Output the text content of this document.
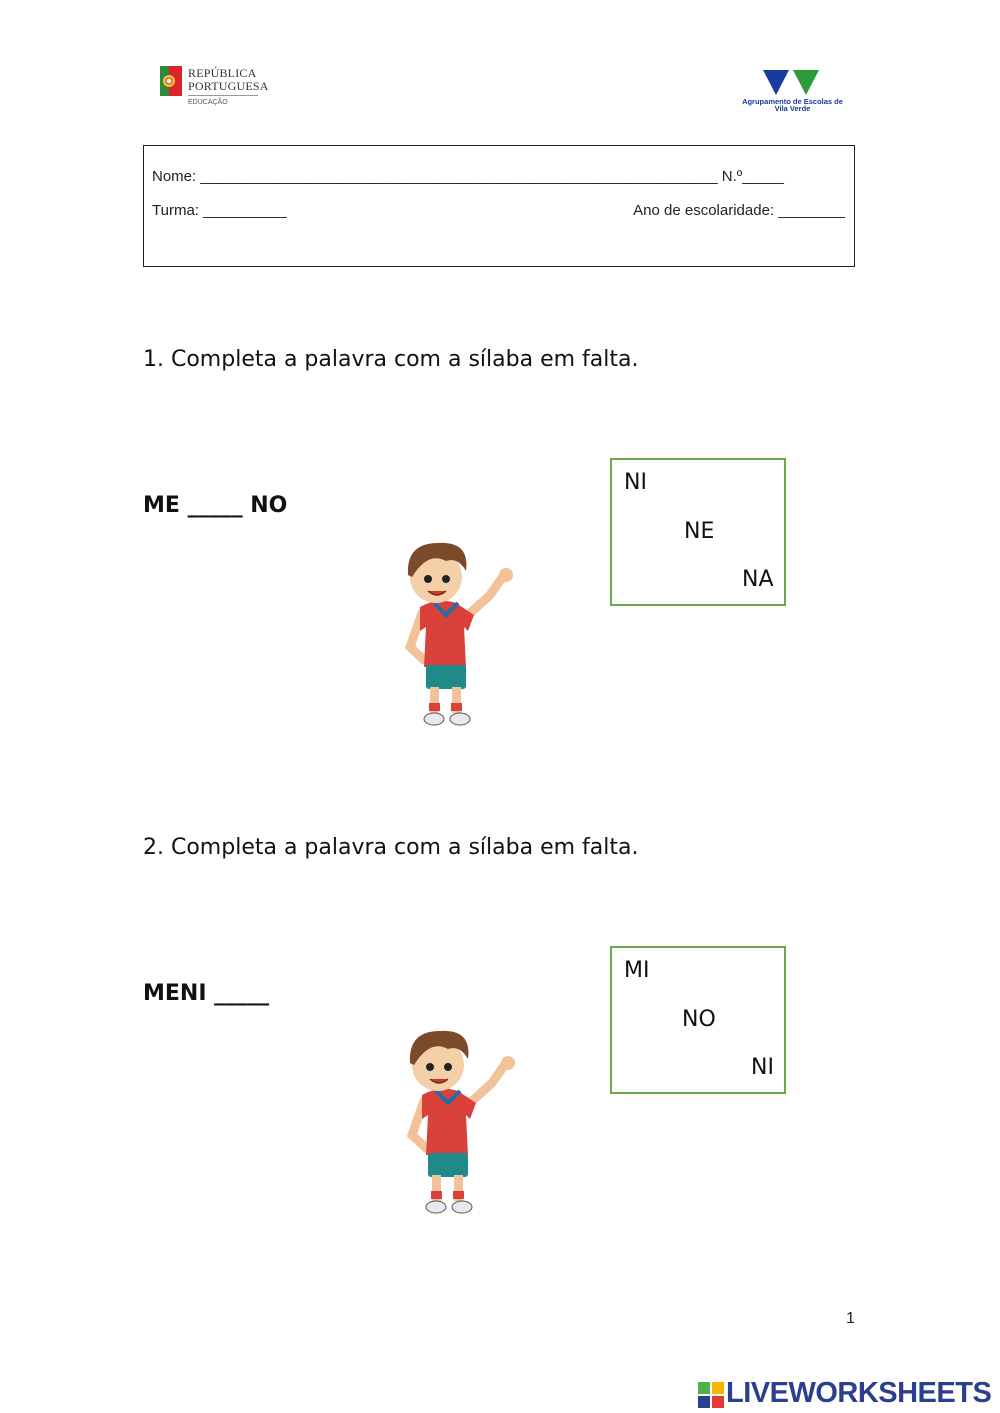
REPÚBLICA
PORTUGUESA
EDUCAÇÃO	Agrupamento de Escolas de
Vila Verde
Nome: ______________________________________________________________ N.º_____
Turma: __________	Ano de escolaridade: ________
1. Completa a palavra com a sílaba em falta.
ME _____ NO
NI
NE
NA
2. Completa a palavra com a sílaba em falta.
MENI _____
MI
NO
NI
1
LIVEWORKSHEETS
